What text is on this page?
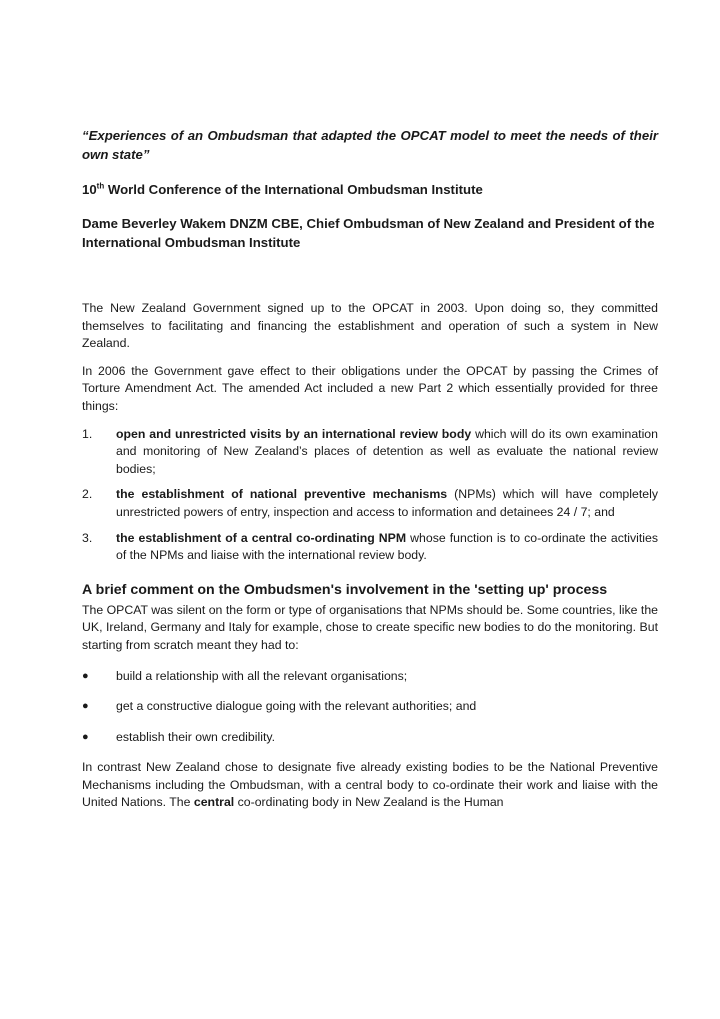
“Experiences of an Ombudsman that adapted the OPCAT model to meet the needs of their own state”

10th World Conference of the International Ombudsman Institute

Dame Beverley Wakem DNZM CBE, Chief Ombudsman of New Zealand and President of the International Ombudsman Institute

The New Zealand Government signed up to the OPCAT in 2003. Upon doing so, they committed themselves to facilitating and financing the establishment and operation of such a system in New Zealand.

In 2006 the Government gave effect to their obligations under the OPCAT by passing the Crimes of Torture Amendment Act. The amended Act included a new Part 2 which essentially provided for three things:

1.	open and unrestricted visits by an international review body which will do its own examination and monitoring of New Zealand’s places of detention as well as evaluate the national review bodies;
2.	the establishment of national preventive mechanisms (NPMs) which will have completely unrestricted powers of entry, inspection and access to information and detainees 24 / 7; and
3.	the establishment of a central co-ordinating NPM whose function is to co-ordinate the activities of the NPMs and liaise with the international review body.

A brief comment on the Ombudsmen's involvement in the 'setting up' process

The OPCAT was silent on the form or type of organisations that NPMs should be. Some countries, like the UK, Ireland, Germany and Italy for example, chose to create specific new bodies to do the monitoring. But starting from scratch meant they had to:

●	build a relationship with all the relevant organisations;
●	get a constructive dialogue going with the relevant authorities; and
●	establish their own credibility.

In contrast New Zealand chose to designate five already existing bodies to be the National Preventive Mechanisms including the Ombudsman, with a central body to co-ordinate their work and liaise with the United Nations. The central co-ordinating body in New Zealand is the Human
